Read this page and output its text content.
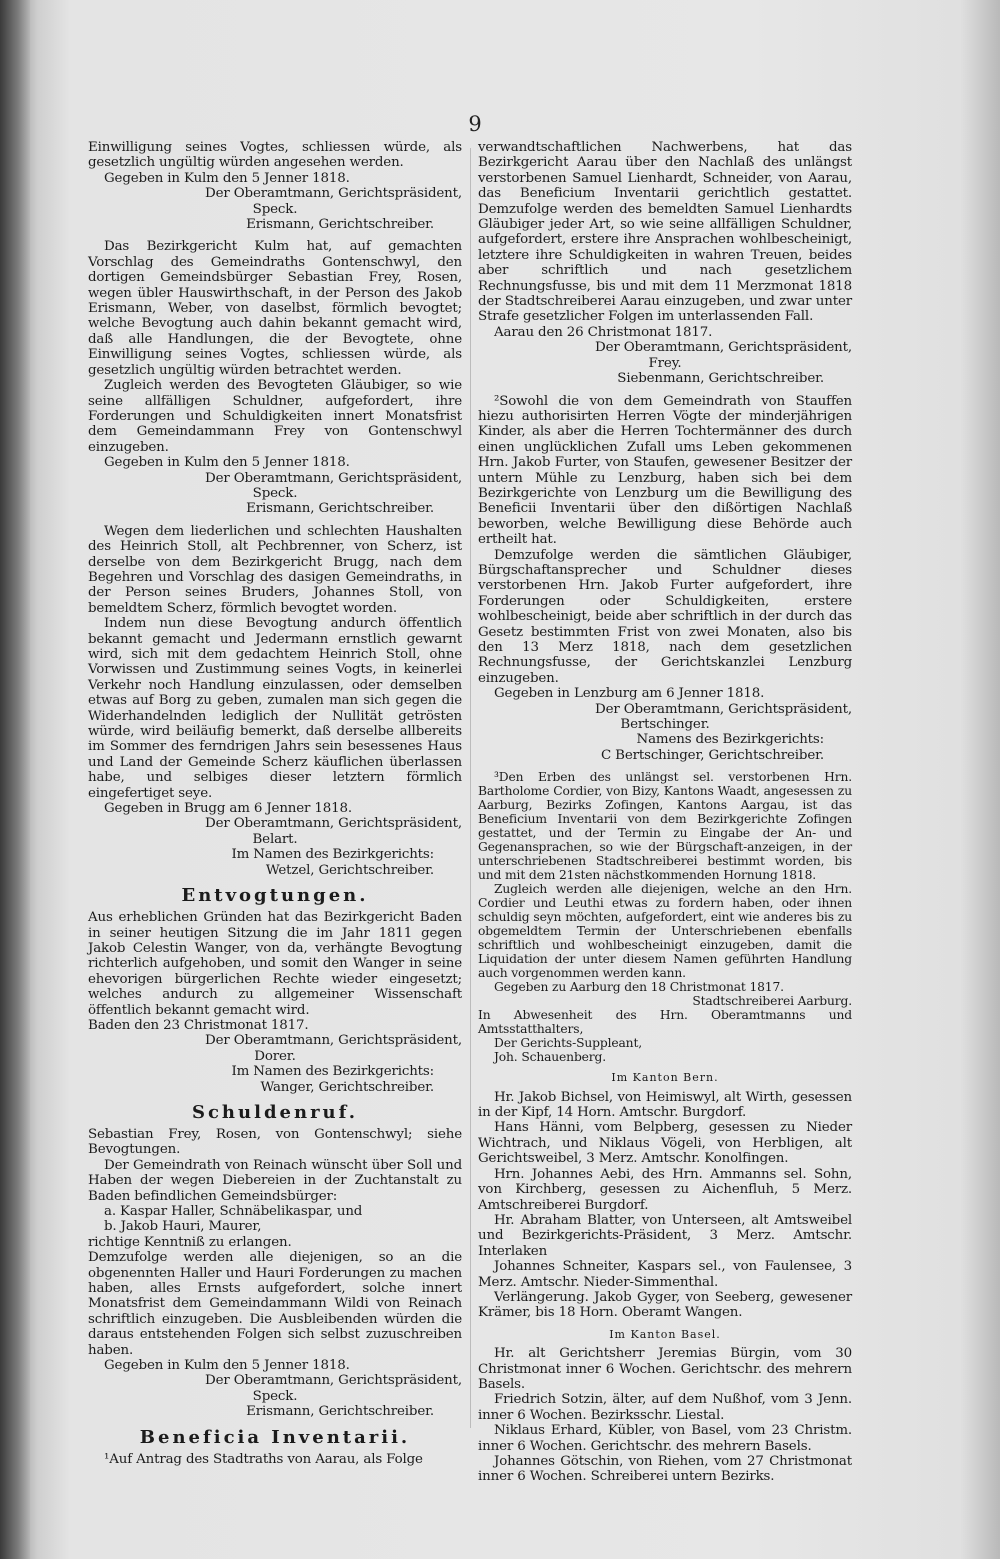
9

Einwilligung seines Vogtes, schliessen würde, als gesetzlich ungültig würden angesehen werden.

Gegeben in Kulm den 5 Jenner 1818.

Der Oberamtmann, Gerichtspräsident,

Speck.

Erismann, Gerichtschreiber.

Das Bezirkgericht Kulm hat, auf gemachten Vorschlag des Gemeindraths Gontenschwyl, den dortigen Gemeindsbürger Sebastian Frey, Rosen, wegen übler Hauswirthschaft, in der Person des Jakob Erismann, Weber, von daselbst, förmlich bevogtet; welche Bevogtung auch dahin bekannt gemacht wird, daß alle Handlungen, die der Bevogtete, ohne Einwilligung seines Vogtes, schliessen würde, als gesetzlich ungültig würden betrachtet werden.

Zugleich werden des Bevogteten Gläubiger, so wie seine allfälligen Schuldner, aufgefordert, ihre Forderungen und Schuldigkeiten innert Monatsfrist dem Gemeindammann Frey von Gontenschwyl einzugeben.

Gegeben in Kulm den 5 Jenner 1818.

Der Oberamtmann, Gerichtspräsident,

Speck.

Erismann, Gerichtschreiber.

Wegen dem liederlichen und schlechten Haushalten des Heinrich Stoll, alt Pechbrenner, von Scherz, ist derselbe von dem Bezirkgericht Brugg, nach dem Begehren und Vorschlag des dasigen Gemeindraths, in der Person seines Bruders, Johannes Stoll, von bemeldtem Scherz, förmlich bevogtet worden.

Indem nun diese Bevogtung andurch öffentlich bekannt gemacht und Jedermann ernstlich gewarnt wird, sich mit dem gedachtem Heinrich Stoll, ohne Vorwissen und Zustimmung seines Vogts, in keinerlei Verkehr noch Handlung einzulassen, oder demselben etwas auf Borg zu geben, zumalen man sich gegen die Widerhandelnden lediglich der Nullität getrösten würde, wird beiläufig bemerkt, daß derselbe allbereits im Sommer des ferndrigen Jahrs sein besessenes Haus und Land der Gemeinde Scherz käuflichen überlassen habe, und selbiges dieser letztern förmlich eingefertiget seye.

Gegeben in Brugg am 6 Jenner 1818.

Der Oberamtmann, Gerichtspräsident,

Belart.

Im Namen des Bezirkgerichts:

Wetzel, Gerichtschreiber.

Entvogtungen.

Aus erheblichen Gründen hat das Bezirkgericht Baden in seiner heutigen Sitzung die im Jahr 1811 gegen Jakob Celestin Wanger, von da, verhängte Bevogtung richterlich aufgehoben, und somit den Wanger in seine ehevorigen bürgerlichen Rechte wieder eingesetzt; welches andurch zu allgemeiner Wissenschaft öffentlich bekannt gemacht wird.

Baden den 23 Christmonat 1817.

Der Oberamtmann, Gerichtspräsident,

Dorer.

Im Namen des Bezirkgerichts:

Wanger, Gerichtschreiber.

Schuldenruf.

Sebastian Frey, Rosen, von Gontenschwyl; siehe Bevogtungen.

Der Gemeindrath von Reinach wünscht über Soll und Haben der wegen Diebereien in der Zuchtanstalt zu Baden befindlichen Gemeindsbürger:

a. Kaspar Haller, Schnäbelikaspar, und

b. Jakob Hauri, Maurer,

richtige Kenntniß zu erlangen.

Demzufolge werden alle diejenigen, so an die obgenennten Haller und Hauri Forderungen zu machen haben, alles Ernsts aufgefordert, solche innert Monatsfrist dem Gemeindammann Wildi von Reinach schriftlich einzugeben. Die Ausbleibenden würden die daraus entstehenden Folgen sich selbst zuzuschreiben haben.

Gegeben in Kulm den 5 Jenner 1818.

Der Oberamtmann, Gerichtspräsident,

Speck.

Erismann, Gerichtschreiber.

Beneficia Inventarii.

¹Auf Antrag des Stadtraths von Aarau, als Folge

verwandtschaftlichen Nachwerbens, hat das Bezirkgericht Aarau über den Nachlaß des unlängst verstorbenen Samuel Lienhardt, Schneider, von Aarau, das Beneficium Inventarii gerichtlich gestattet. Demzufolge werden des bemeldten Samuel Lienhardts Gläubiger jeder Art, so wie seine allfälligen Schuldner, aufgefordert, erstere ihre Ansprachen wohlbescheinigt, letztere ihre Schuldigkeiten in wahren Treuen, beides aber schriftlich und nach gesetzlichem Rechnungsfusse, bis und mit dem 11 Merzmonat 1818 der Stadtschreiberei Aarau einzugeben, und zwar unter Strafe gesetzlicher Folgen im unterlassenden Fall.

Aarau den 26 Christmonat 1817.

Der Oberamtmann, Gerichtspräsident,

Frey.

Siebenmann, Gerichtschreiber.

²Sowohl die von dem Gemeindrath von Stauffen hiezu authorisirten Herren Vögte der minderjährigen Kinder, als aber die Herren Tochtermänner des durch einen unglücklichen Zufall ums Leben gekommenen Hrn. Jakob Furter, von Staufen, gewesener Besitzer der untern Mühle zu Lenzburg, haben sich bei dem Bezirkgerichte von Lenzburg um die Bewilligung des Beneficii Inventarii über den dißörtigen Nachlaß beworben, welche Bewilligung diese Behörde auch ertheilt hat.

Demzufolge werden die sämtlichen Gläubiger, Bürgschaftansprecher und Schuldner dieses verstorbenen Hrn. Jakob Furter aufgefordert, ihre Forderungen oder Schuldigkeiten, erstere wohlbescheinigt, beide aber schriftlich in der durch das Gesetz bestimmten Frist von zwei Monaten, also bis den 13 Merz 1818, nach dem gesetzlichen Rechnungsfusse, der Gerichtskanzlei Lenzburg einzugeben.

Gegeben in Lenzburg am 6 Jenner 1818.

Der Oberamtmann, Gerichtspräsident,

Bertschinger.

Namens des Bezirkgerichts:

C Bertschinger, Gerichtschreiber.

³Den Erben des unlängst sel. verstorbenen Hrn. Bartholome Cordier, von Bizy, Kantons Waadt, angesessen zu Aarburg, Bezirks Zofingen, Kantons Aargau, ist das Beneficium Inventarii von dem Bezirkgerichte Zofingen gestattet, und der Termin zu Eingabe der An- und Gegenansprachen, so wie der Bürgschaft-anzeigen, in der unterschriebenen Stadtschreiberei bestimmt worden, bis und mit dem 21sten nächstkommenden Hornung 1818.

Zugleich werden alle diejenigen, welche an den Hrn. Cordier und Leuthi etwas zu fordern haben, oder ihnen schuldig seyn möchten, aufgefordert, eint wie anderes bis zu obgemeldtem Termin der Unterschriebenen ebenfalls schriftlich und wohlbescheinigt einzugeben, damit die Liquidation der unter diesem Namen geführten Handlung auch vorgenommen werden kann.

Gegeben zu Aarburg den 18 Christmonat 1817.

Stadtschreiberei Aarburg.

In Abwesenheit des Hrn. Oberamtmanns und Amtsstatthalters,

Der Gerichts-Suppleant,

Joh. Schauenberg.

Im Kanton Bern.

Hr. Jakob Bichsel, von Heimiswyl, alt Wirth, gesessen in der Kipf, 14 Horn. Amtschr. Burgdorf.

Hans Hänni, vom Belpberg, gesessen zu Nieder Wichtrach, und Niklaus Vögeli, von Herbligen, alt Gerichtsweibel, 3 Merz. Amtschr. Konolfingen.

Hrn. Johannes Aebi, des Hrn. Ammanns sel. Sohn, von Kirchberg, gesessen zu Aichenfluh, 5 Merz. Amtschreiberei Burgdorf.

Hr. Abraham Blatter, von Unterseen, alt Amtsweibel und Bezirkgerichts-Präsident, 3 Merz. Amtschr. Interlaken

Johannes Schneiter, Kaspars sel., von Faulensee, 3 Merz. Amtschr. Nieder-Simmenthal.

Verlängerung. Jakob Gyger, von Seeberg, gewesener Krämer, bis 18 Horn. Oberamt Wangen.

Im Kanton Basel.

Hr. alt Gerichtsherr Jeremias Bürgin, vom 30 Christmonat inner 6 Wochen. Gerichtschr. des mehrern Basels.

Friedrich Sotzin, älter, auf dem Nußhof, vom 3 Jenn. inner 6 Wochen. Bezirksschr. Liestal.

Niklaus Erhard, Kübler, von Basel, vom 23 Christm. inner 6 Wochen. Gerichtschr. des mehrern Basels.

Johannes Götschin, von Riehen, vom 27 Christmonat inner 6 Wochen. Schreiberei untern Bezirks.
